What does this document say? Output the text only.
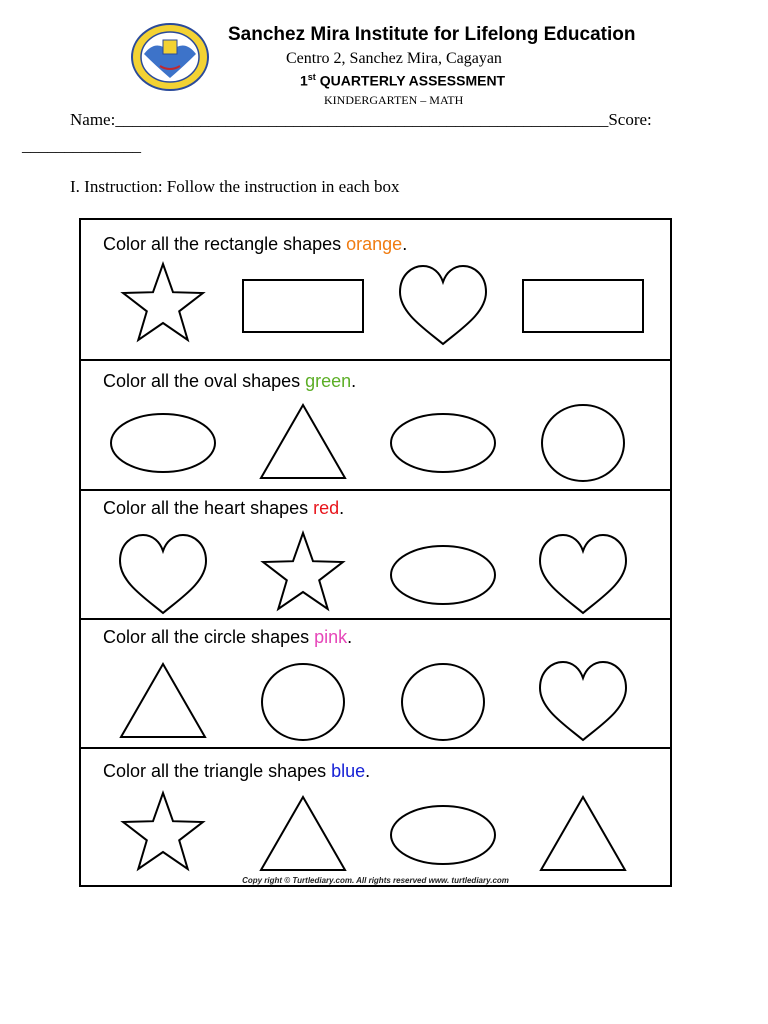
Sanchez Mira Institute for Lifelong Education
Centro 2, Sanchez Mira, Cagayan
1st QUARTERLY ASSESSMENT
KINDERGARTEN – MATH
Name:__________________________________________________________Score:
______________
I. Instruction: Follow the instruction in each box
Color all the rectangle shapes orange.
Color all the oval shapes green.
Color all the heart shapes red.
Color all the circle shapes pink.
Color all the triangle shapes blue.
Copy right © Turtlediary.com. All rights reserved www. turtlediary.com
